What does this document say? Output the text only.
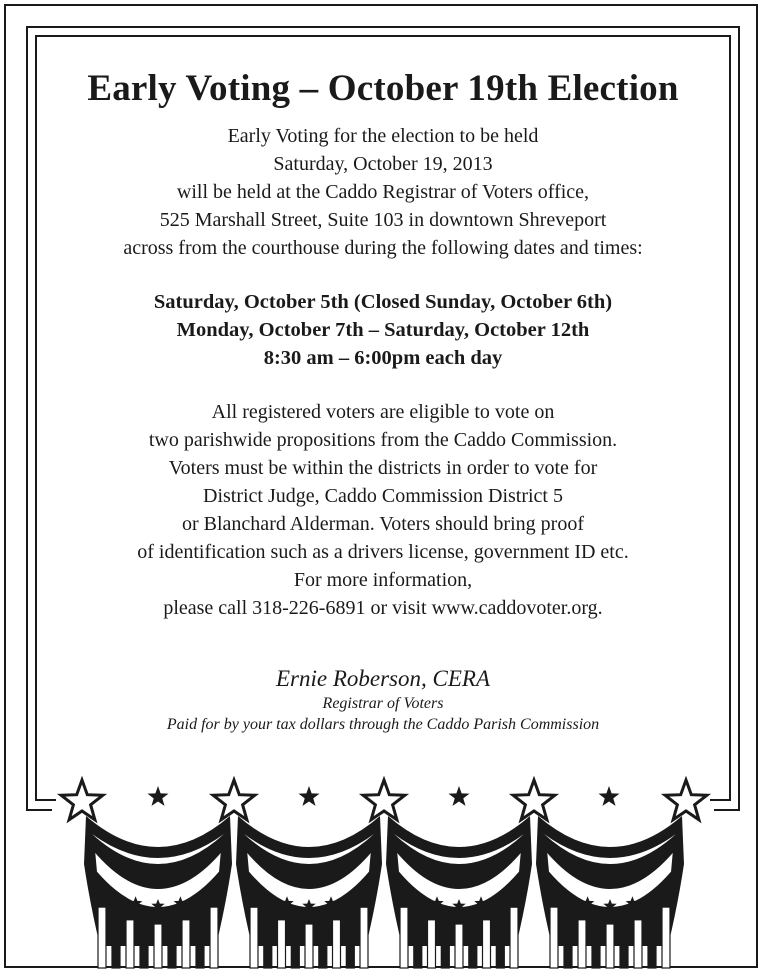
Early Voting – October 19th Election
Early Voting for the election to be held
Saturday, October 19, 2013
will be held at the Caddo Registrar of Voters office,
525 Marshall Street, Suite 103 in downtown Shreveport
across from the courthouse during the following dates and times:
Saturday, October 5th (Closed Sunday, October 6th)
Monday, October 7th – Saturday, October 12th
8:30 am – 6:00pm each day
All registered voters are eligible to vote on
two parishwide propositions from the Caddo Commission.
Voters must be within the districts in order to vote for
District Judge, Caddo Commission District 5
or Blanchard Alderman. Voters should bring proof
of identification such as a drivers license, government ID etc.
For more information,
please call 318-226-6891 or visit www.caddovoter.org.
Ernie Roberson, CERA
Registrar of Voters
Paid for by your tax dollars through the Caddo Parish Commission
